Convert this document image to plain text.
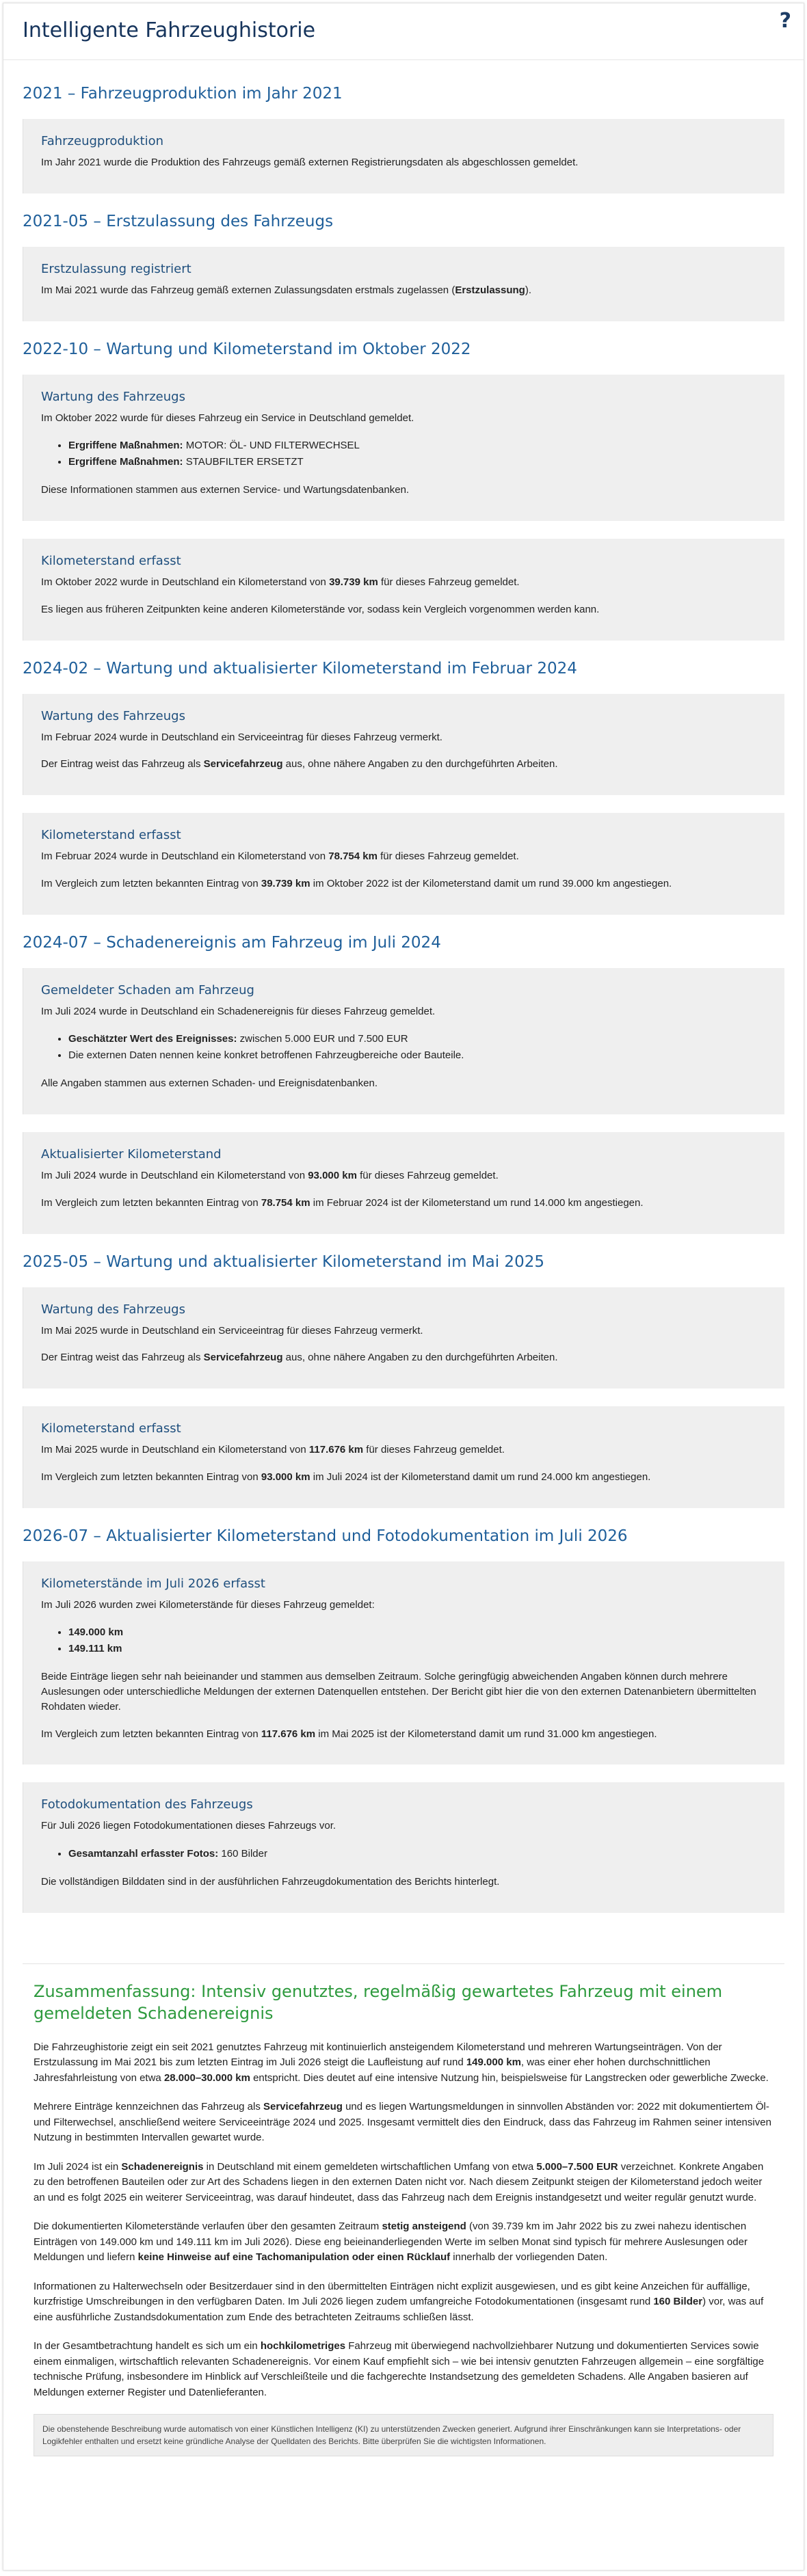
Intelligente Fahrzeughistorie	?
2021 – Fahrzeugproduktion im Jahr 2021
Fahrzeugproduktion

Im Jahr 2021 wurde die Produktion des Fahrzeugs gemäß externen Registrierungsdaten als abgeschlossen gemeldet.

2021-05 – Erstzulassung des Fahrzeugs
Erstzulassung registriert

Im Mai 2021 wurde das Fahrzeug gemäß externen Zulassungsdaten erstmals zugelassen (Erstzulassung).

2022-10 – Wartung und Kilometerstand im Oktober 2022
Wartung des Fahrzeugs

Im Oktober 2022 wurde für dieses Fahrzeug ein Service in Deutschland gemeldet.

• Ergriffene Maßnahmen: MOTOR: ÖL- UND FILTERWECHSEL
• Ergriffene Maßnahmen: STAUBFILTER ERSETZT

Diese Informationen stammen aus externen Service- und Wartungsdatenbanken.

Kilometerstand erfasst

Im Oktober 2022 wurde in Deutschland ein Kilometerstand von 39.739 km für dieses Fahrzeug gemeldet.

Es liegen aus früheren Zeitpunkten keine anderen Kilometerstände vor, sodass kein Vergleich vorgenommen werden kann.

2024-02 – Wartung und aktualisierter Kilometerstand im Februar 2024
Wartung des Fahrzeugs

Im Februar 2024 wurde in Deutschland ein Serviceeintrag für dieses Fahrzeug vermerkt.

Der Eintrag weist das Fahrzeug als Servicefahrzeug aus, ohne nähere Angaben zu den durchgeführten Arbeiten.

Kilometerstand erfasst

Im Februar 2024 wurde in Deutschland ein Kilometerstand von 78.754 km für dieses Fahrzeug gemeldet.

Im Vergleich zum letzten bekannten Eintrag von 39.739 km im Oktober 2022 ist der Kilometerstand damit um rund 39.000 km angestiegen.

2024-07 – Schadenereignis am Fahrzeug im Juli 2024
Gemeldeter Schaden am Fahrzeug

Im Juli 2024 wurde in Deutschland ein Schadenereignis für dieses Fahrzeug gemeldet.

• Geschätzter Wert des Ereignisses: zwischen 5.000 EUR und 7.500 EUR
• Die externen Daten nennen keine konkret betroffenen Fahrzeugbereiche oder Bauteile.

Alle Angaben stammen aus externen Schaden- und Ereignisdatenbanken.

Aktualisierter Kilometerstand

Im Juli 2024 wurde in Deutschland ein Kilometerstand von 93.000 km für dieses Fahrzeug gemeldet.

Im Vergleich zum letzten bekannten Eintrag von 78.754 km im Februar 2024 ist der Kilometerstand um rund 14.000 km angestiegen.

2025-05 – Wartung und aktualisierter Kilometerstand im Mai 2025
Wartung des Fahrzeugs

Im Mai 2025 wurde in Deutschland ein Serviceeintrag für dieses Fahrzeug vermerkt.

Der Eintrag weist das Fahrzeug als Servicefahrzeug aus, ohne nähere Angaben zu den durchgeführten Arbeiten.

Kilometerstand erfasst

Im Mai 2025 wurde in Deutschland ein Kilometerstand von 117.676 km für dieses Fahrzeug gemeldet.

Im Vergleich zum letzten bekannten Eintrag von 93.000 km im Juli 2024 ist der Kilometerstand damit um rund 24.000 km angestiegen.

2026-07 – Aktualisierter Kilometerstand und Fotodokumentation im Juli 2026
Kilometerstände im Juli 2026 erfasst

Im Juli 2026 wurden zwei Kilometerstände für dieses Fahrzeug gemeldet:

• 149.000 km
• 149.111 km

Beide Einträge liegen sehr nah beieinander und stammen aus demselben Zeitraum. Solche geringfügig abweichenden Angaben können durch mehrere Auslesungen oder unterschiedliche Meldungen der externen Datenquellen entstehen. Der Bericht gibt hier die von den externen Datenanbietern übermittelten Rohdaten wieder.

Im Vergleich zum letzten bekannten Eintrag von 117.676 km im Mai 2025 ist der Kilometerstand damit um rund 31.000 km angestiegen.

Fotodokumentation des Fahrzeugs

Für Juli 2026 liegen Fotodokumentationen dieses Fahrzeugs vor.

• Gesamtanzahl erfasster Fotos: 160 Bilder

Die vollständigen Bilddaten sind in der ausführlichen Fahrzeugdokumentation des Berichts hinterlegt.

Zusammenfassung: Intensiv genutztes, regelmäßig gewartetes Fahrzeug mit einem gemeldeten Schadenereignis

Die Fahrzeughistorie zeigt ein seit 2021 genutztes Fahrzeug mit kontinuierlich ansteigendem Kilometerstand und mehreren Wartungseinträgen. Von der Erstzulassung im Mai 2021 bis zum letzten Eintrag im Juli 2026 steigt die Laufleistung auf rund 149.000 km, was einer eher hohen durchschnittlichen Jahresfahrleistung von etwa 28.000–30.000 km entspricht. Dies deutet auf eine intensive Nutzung hin, beispielsweise für Langstrecken oder gewerbliche Zwecke.

Mehrere Einträge kennzeichnen das Fahrzeug als Servicefahrzeug und es liegen Wartungsmeldungen in sinnvollen Abständen vor: 2022 mit dokumentiertem Öl- und Filterwechsel, anschließend weitere Serviceeinträge 2024 und 2025. Insgesamt vermittelt dies den Eindruck, dass das Fahrzeug im Rahmen seiner intensiven Nutzung in bestimmten Intervallen gewartet wurde.

Im Juli 2024 ist ein Schadenereignis in Deutschland mit einem gemeldeten wirtschaftlichen Umfang von etwa 5.000–7.500 EUR verzeichnet. Konkrete Angaben zu den betroffenen Bauteilen oder zur Art des Schadens liegen in den externen Daten nicht vor. Nach diesem Zeitpunkt steigen der Kilometerstand jedoch weiter an und es folgt 2025 ein weiterer Serviceeintrag, was darauf hindeutet, dass das Fahrzeug nach dem Ereignis instandgesetzt und weiter regulär genutzt wurde.

Die dokumentierten Kilometerstände verlaufen über den gesamten Zeitraum stetig ansteigend (von 39.739 km im Jahr 2022 bis zu zwei nahezu identischen Einträgen von 149.000 km und 149.111 km im Juli 2026). Diese eng beieinanderliegenden Werte im selben Monat sind typisch für mehrere Auslesungen oder Meldungen und liefern keine Hinweise auf eine Tachomanipulation oder einen Rücklauf innerhalb der vorliegenden Daten.

Informationen zu Halterwechseln oder Besitzerdauer sind in den übermittelten Einträgen nicht explizit ausgewiesen, und es gibt keine Anzeichen für auffällige, kurzfristige Umschreibungen in den verfügbaren Daten. Im Juli 2026 liegen zudem umfangreiche Fotodokumentationen (insgesamt rund 160 Bilder) vor, was auf eine ausführliche Zustandsdokumentation zum Ende des betrachteten Zeitraums schließen lässt.

In der Gesamtbetrachtung handelt es sich um ein hochkilometriges Fahrzeug mit überwiegend nachvollziehbarer Nutzung und dokumentierten Services sowie einem einmaligen, wirtschaftlich relevanten Schadenereignis. Vor einem Kauf empfiehlt sich – wie bei intensiv genutzten Fahrzeugen allgemein – eine sorgfältige technische Prüfung, insbesondere im Hinblick auf Verschleißteile und die fachgerechte Instandsetzung des gemeldeten Schadens. Alle Angaben basieren auf Meldungen externer Register und Datenlieferanten.

Die obenstehende Beschreibung wurde automatisch von einer Künstlichen Intelligenz (KI) zu unterstützenden Zwecken generiert. Aufgrund ihrer Einschränkungen kann sie Interpretations- oder Logikfehler enthalten und ersetzt keine gründliche Analyse der Quelldaten des Berichts. Bitte überprüfen Sie die wichtigsten Informationen.
